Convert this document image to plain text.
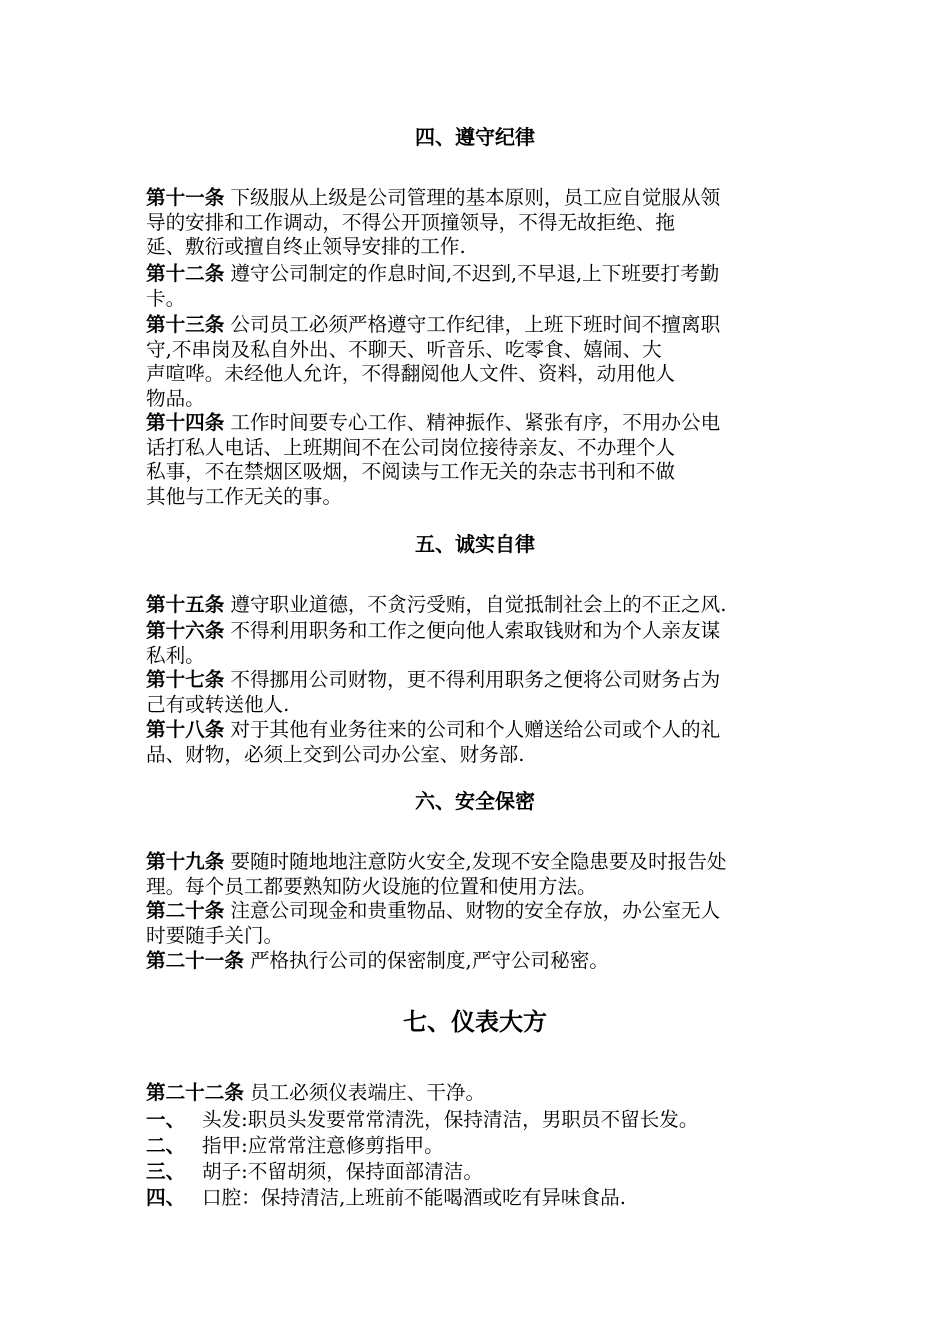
四、遵守纪律
第十一条 下级服从上级是公司管理的基本原则，员工应自觉服从领
导的安排和工作调动，不得公开顶撞领导，不得无故拒绝、拖
延、敷衍或擅自终止领导安排的工作.
第十二条 遵守公司制定的作息时间,不迟到,不早退,上下班要打考勤
卡。
第十三条 公司员工必须严格遵守工作纪律，上班下班时间不擅离职
守,不串岗及私自外出、不聊天、听音乐、吃零食、嬉闹、大
声喧哗。未经他人允许，不得翻阅他人文件、资料，动用他人
物品。
第十四条 工作时间要专心工作、精神振作、紧张有序，不用办公电
话打私人电话、上班期间不在公司岗位接待亲友、不办理个人
私事，不在禁烟区吸烟，不阅读与工作无关的杂志书刊和不做
其他与工作无关的事。
五、诚实自律
第十五条 遵守职业道德，不贪污受贿，自觉抵制社会上的不正之风.
第十六条 不得利用职务和工作之便向他人索取钱财和为个人亲友谋
私利。
第十七条 不得挪用公司财物，更不得利用职务之便将公司财务占为
己有或转送他人.
第十八条 对于其他有业务往来的公司和个人赠送给公司或个人的礼
品、财物，必须上交到公司办公室、财务部.
六、安全保密
第十九条 要随时随地地注意防火安全,发现不安全隐患要及时报告处
理。每个员工都要熟知防火设施的位置和使用方法。
第二十条 注意公司现金和贵重物品、财物的安全存放，办公室无人
时要随手关门。
第二十一条 严格执行公司的保密制度,严守公司秘密。
七、仪表大方
第二十二条 员工必须仪表端庄、干净。
一、 头发:职员头发要常常清洗，保持清洁，男职员不留长发。
二、 指甲:应常常注意修剪指甲。
三、 胡子:不留胡须，保持面部清洁。
四、 口腔：保持清洁,上班前不能喝酒或吃有异味食品.
